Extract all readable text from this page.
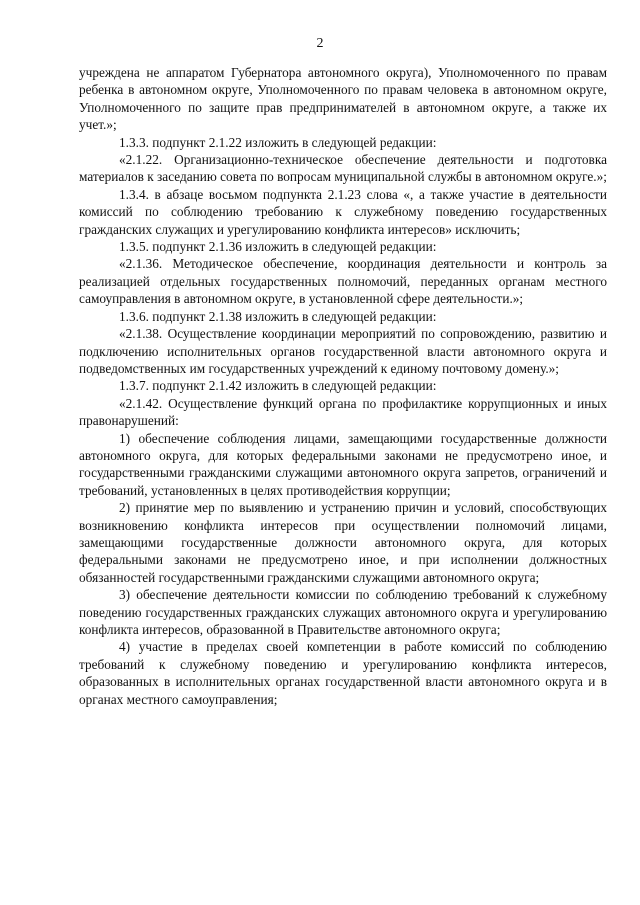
2

учреждена не аппаратом Губернатора автономного округа), Уполномоченного по правам ребенка в автономном округе, Уполномоченного по правам человека в автономном округе, Уполномоченного по защите прав предпринимателей в автономном округе, а также их учет.»;

1.3.3. подпункт 2.1.22 изложить в следующей редакции:

«2.1.22. Организационно-техническое обеспечение деятельности и подготовка материалов к заседанию совета по вопросам муниципальной службы в автономном округе.»;

1.3.4. в абзаце восьмом подпункта 2.1.23 слова «, а также участие в деятельности комиссий по соблюдению требованию к служебному поведению государственных гражданских служащих и урегулированию конфликта интересов» исключить;

1.3.5. подпункт 2.1.36 изложить в следующей редакции:

«2.1.36. Методическое обеспечение, координация деятельности и контроль за реализацией отдельных государственных полномочий, переданных органам местного самоуправления в автономном округе, в установленной сфере деятельности.»;

1.3.6. подпункт 2.1.38 изложить в следующей редакции:

«2.1.38. Осуществление координации мероприятий по сопровождению, развитию и подключению исполнительных органов государственной власти автономного округа и подведомственных им государственных учреждений к единому почтовому домену.»;

1.3.7. подпункт 2.1.42 изложить в следующей редакции:

«2.1.42. Осуществление функций органа по профилактике коррупционных и иных правонарушений:

1) обеспечение соблюдения лицами, замещающими государственные должности автономного округа, для которых федеральными законами не предусмотрено иное, и государственными гражданскими служащими автономного округа запретов, ограничений и требований, установленных в целях противодействия коррупции;

2) принятие мер по выявлению и устранению причин и условий, способствующих возникновению конфликта интересов при осуществлении полномочий лицами, замещающими государственные должности автономного округа, для которых федеральными законами не предусмотрено иное, и при исполнении должностных обязанностей государственными гражданскими служащими автономного округа;

3) обеспечение деятельности комиссии по соблюдению требований к служебному поведению государственных гражданских служащих автономного округа и урегулированию конфликта интересов, образованной в Правительстве автономного округа;

4) участие в пределах своей компетенции в работе комиссий по соблюдению требований к служебному поведению и урегулированию конфликта интересов, образованных в исполнительных органах государственной власти автономного округа и в органах местного самоуправления;
